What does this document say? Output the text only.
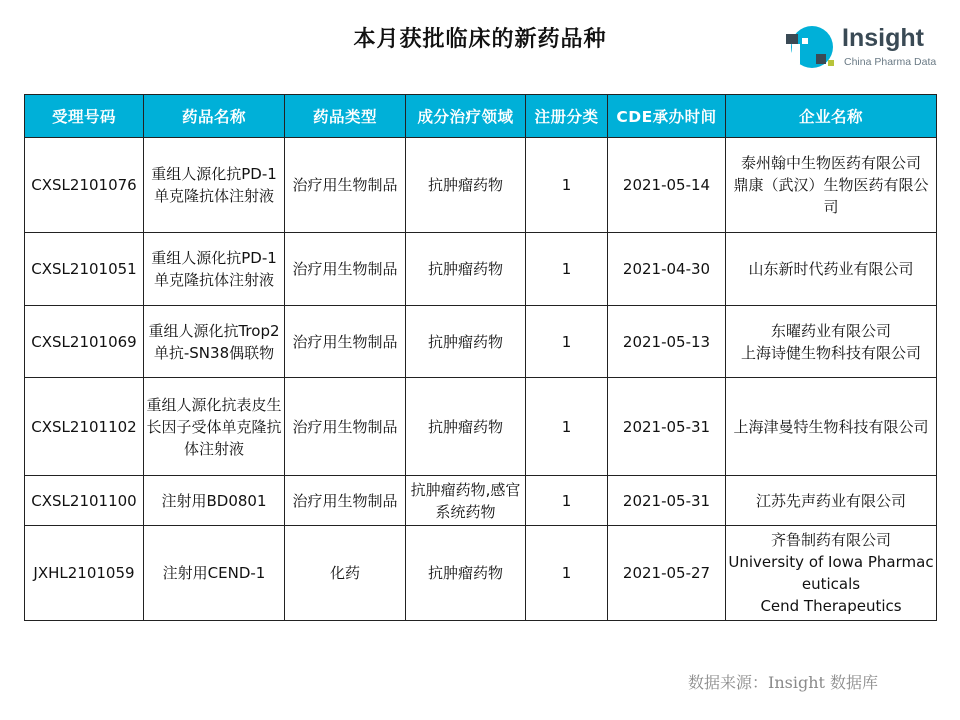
本月获批临床的新药品种	Insight
China Pharma Data
受理号码	药品名称	药品类型	成分治疗领域	注册分类	CDE承办时间	企业名称
CXSL2101076	重组人源化抗PD-1单克隆抗体注射液	治疗用生物制品	抗肿瘤药物	1	2021-05-14	泰州翰中生物医药有限公司
鼎康（武汉）生物医药有限公司

CXSL2101051	重组人源化抗PD-1单克隆抗体注射液	治疗用生物制品	抗肿瘤药物	1	2021-04-30	山东新时代药业有限公司

CXSL2101069	重组人源化抗Trop2单抗-SN38偶联物	治疗用生物制品	抗肿瘤药物	1	2021-05-13	东曜药业有限公司
上海诗健生物科技有限公司

CXSL2101102	重组人源化抗表皮生长因子受体单克隆抗体注射液	治疗用生物制品	抗肿瘤药物	1	2021-05-31	上海津曼特生物科技有限公司

CXSL2101100	注射用BD0801	治疗用生物制品	抗肿瘤药物,感官系统药物	1	2021-05-31	江苏先声药业有限公司

JXHL2101059	注射用CEND-1	化药	抗肿瘤药物	1	2021-05-27	齐鲁制药有限公司
University of Iowa Pharmaceuticals
Cend Therapeutics
数据来源：Insight 数据库
